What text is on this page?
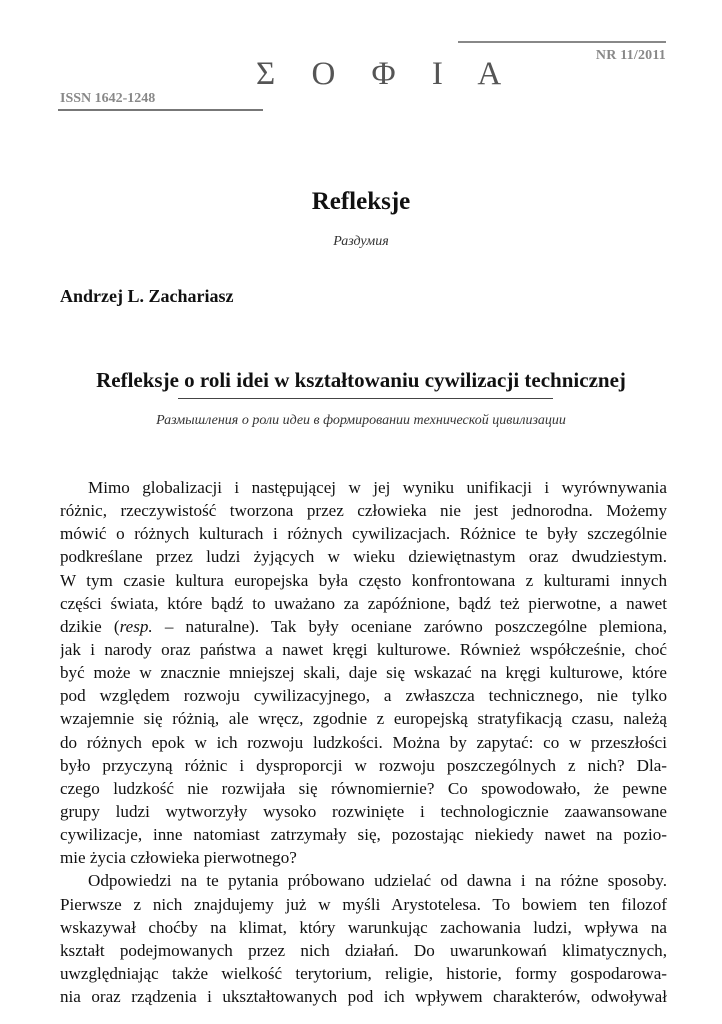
NR 11/2011
Σ Ο Φ Ι Α
ISSN 1642-1248
Refleksje
Раздумия
Andrzej L. Zachariasz
Refleksje o roli idei w kształtowaniu cywilizacji technicznej
Размышления о роли идеи в формировании технической цивилизации
Mimo globalizacji i następującej w jej wyniku unifikacji i wyrównywania
różnic, rzeczywistość tworzona przez człowieka nie jest jednorodna. Możemy
mówić o różnych kulturach i różnych cywilizacjach. Różnice te były szczególnie
podkreślane przez ludzi żyjących w wieku dziewiętnastym oraz dwudziestym.
W tym czasie kultura europejska była często konfrontowana z kulturami innych
części świata, które bądź to uważano za zapóźnione, bądź też pierwotne, a nawet
dzikie (resp. – naturalne). Tak były oceniane zarówno poszczególne plemiona,
jak i narody oraz państwa a nawet kręgi kulturowe. Również współcześnie, choć
być może w znacznie mniejszej skali, daje się wskazać na kręgi kulturowe, które
pod względem rozwoju cywilizacyjnego, a zwłaszcza technicznego, nie tylko
wzajemnie się różnią, ale wręcz, zgodnie z europejską stratyfikacją czasu, należą
do różnych epok w ich rozwoju ludzkości. Można by zapytać: co w przeszłości
było przyczyną różnic i dysproporcji w rozwoju poszczególnych z nich? Dla-
czego ludzkość nie rozwijała się równomiernie? Co spowodowało, że pewne
grupy ludzi wytworzyły wysoko rozwinięte i technologicznie zaawansowane
cywilizacje, inne natomiast zatrzymały się, pozostając niekiedy nawet na pozio-
mie życia człowieka pierwotnego?
Odpowiedzi na te pytania próbowano udzielać od dawna i na różne sposoby.
Pierwsze z nich znajdujemy już w myśli Arystotelesa. To bowiem ten filozof
wskazywał choćby na klimat, który warunkując zachowania ludzi, wpływa na
kształt podejmowanych przez nich działań. Do uwarunkowań klimatycznych,
uwzględniając także wielkość terytorium, religie, historie, formy gospodarowa-
nia oraz rządzenia i ukształtowanych pod ich wpływem charakterów, odwoływał
